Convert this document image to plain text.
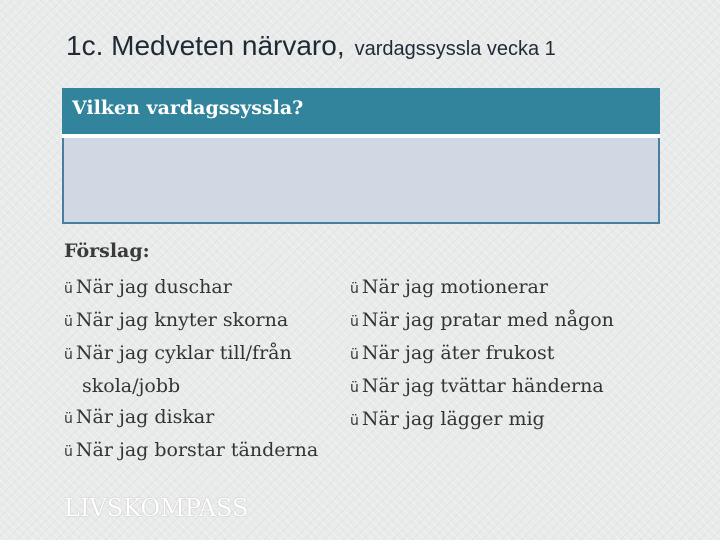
1c. Medveten närvaro, vardagssyssla vecka 1
Vilken vardagssyssla?
Förslag:
ü När jag duschar
ü När jag knyter skorna
ü När jag cyklar till/från
skola/jobb
ü När jag diskar
ü När jag borstar tänderna
ü När jag motionerar
ü När jag pratar med någon
ü När jag äter frukost
ü När jag tvättar händerna
ü När jag lägger mig
LIVSKOMPASS
